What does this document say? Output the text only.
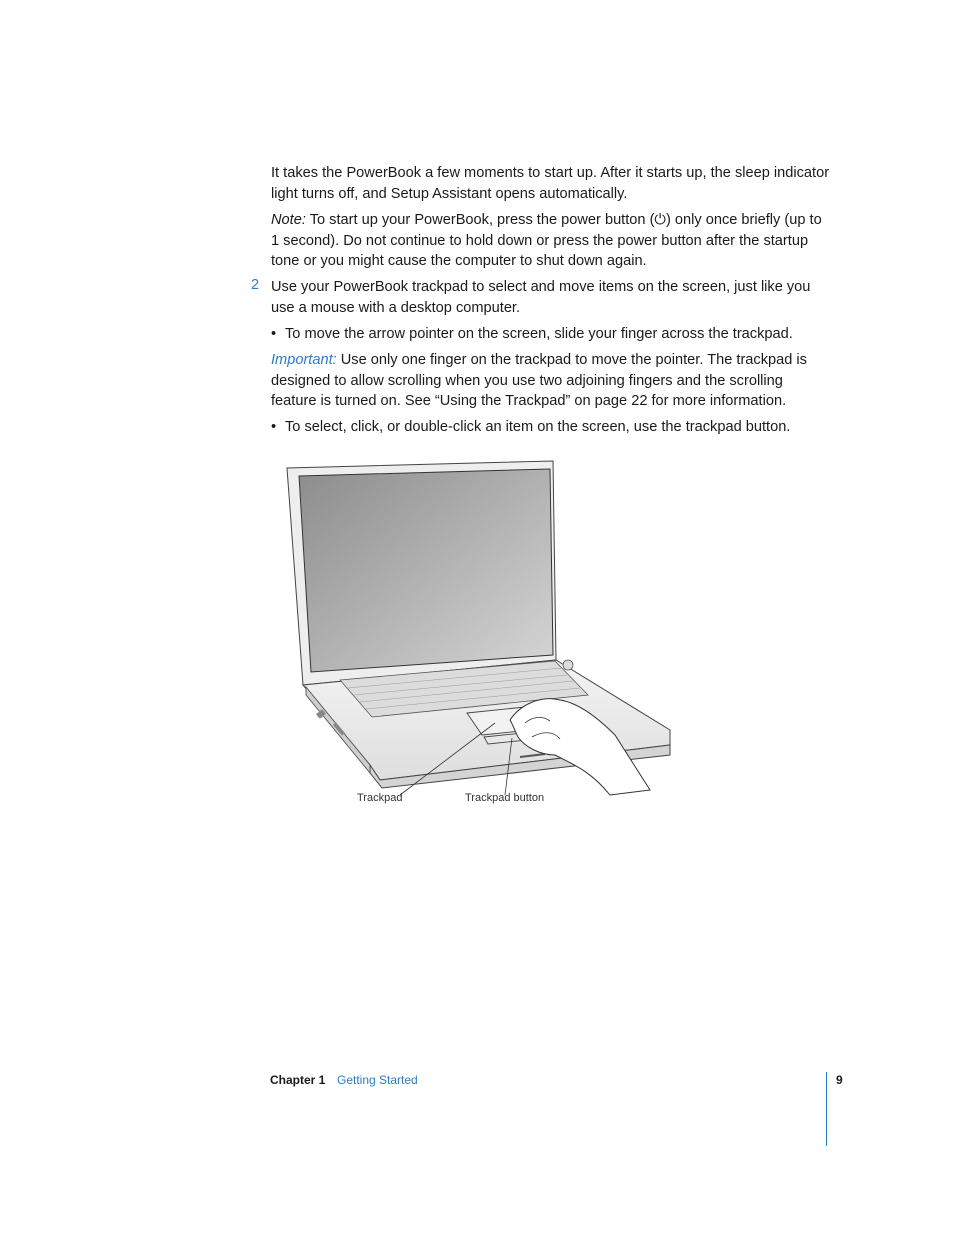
It takes the PowerBook a few moments to start up. After it starts up, the sleep indicator light turns off, and Setup Assistant opens automatically.

Note: To start up your PowerBook, press the power button (⏻) only once briefly (up to 1 second). Do not continue to hold down or press the power button after the startup tone or you might cause the computer to shut down again.

2 Use your PowerBook trackpad to select and move items on the screen, just like you use a mouse with a desktop computer.

• To move the arrow pointer on the screen, slide your finger across the trackpad.

Important: Use only one finger on the trackpad to move the pointer. The trackpad is designed to allow scrolling when you use two adjoining fingers and the scrolling feature is turned on. See “Using the Trackpad” on page 22 for more information.

• To select, click, or double-click an item on the screen, use the trackpad button.
Trackpad	Trackpad button
Chapter 1 Getting Started	9
